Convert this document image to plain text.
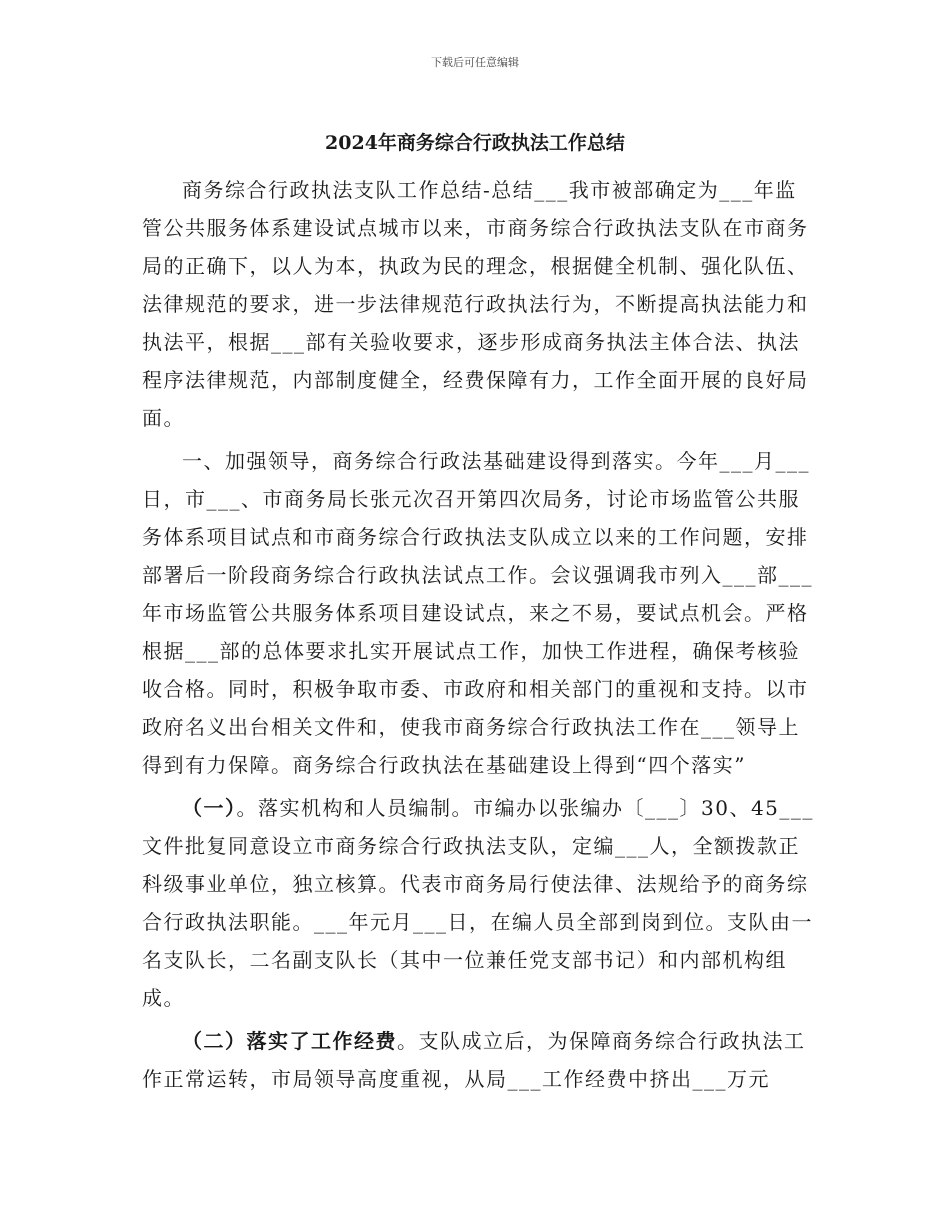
下载后可任意编辑
2024年商务综合行政执法工作总结

商务综合行政执法支队工作总结-总结___我市被部确定为___年监管公共服务体系建设试点城市以来，市商务综合行政执法支队在市商务局的正确下，以人为本，执政为民的理念，根据健全机制、强化队伍、法律规范的要求，进一步法律规范行政执法行为，不断提高执法能力和执法平，根据___部有关验收要求，逐步形成商务执法主体合法、执法程序法律规范，内部制度健全，经费保障有力，工作全面开展的良好局面。

一、加强领导，商务综合行政法基础建设得到落实。今年___月___日，市___、市商务局长张元次召开第四次局务，讨论市场监管公共服务体系项目试点和市商务综合行政执法支队成立以来的工作问题，安排部署后一阶段商务综合行政执法试点工作。会议强调我市列入___部___年市场监管公共服务体系项目建设试点，来之不易，要试点机会。严格根据___部的总体要求扎实开展试点工作，加快工作进程，确保考核验收合格。同时，积极争取市委、市政府和相关部门的重视和支持。以市政府名义出台相关文件和，使我市商务综合行政执法工作在___领导上得到有力保障。商务综合行政执法在基础建设上得到“四个落实”

（一）。落实机构和人员编制。市编办以张编办〔___〕30、45___文件批复同意设立市商务综合行政执法支队，定编___人，全额拨款正科级事业单位，独立核算。代表市商务局行使法律、法规给予的商务综合行政执法职能。___年元月___日，在编人员全部到岗到位。支队由一名支队长，二名副支队长（其中一位兼任党支部书记）和内部机构组成。

（二）落实了工作经费。支队成立后，为保障商务综合行政执法工作正常运转，市局领导高度重视，从局___工作经费中挤出___万元
